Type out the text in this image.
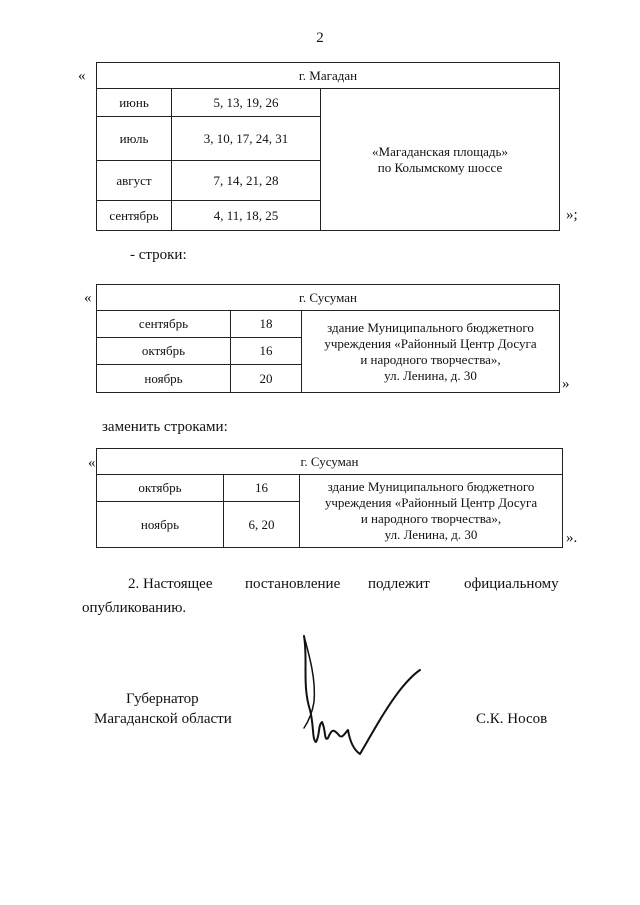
2
«	г. Магадан		
июнь	5, 13, 19, 26	«Магаданская площадь»
по Колымскому шоссе

июль	3, 10, 17, 24, 31	
август	7, 14, 21, 28	
сентябрь	4, 11, 18, 25		»;
- строки:
«	г. Сусуман		
сентябрь	18	здание Муниципального бюджетного
учреждения «Районный Центр Досуга
и народного творчества»,
ул. Ленина, д. 30

октябрь	16	
ноябрь	20		»
заменить строками:
«	г. Сусуман		
октябрь	16	здание Муниципального бюджетного
учреждения «Районный Центр Досуга
и народного творчества»,
ул. Ленина, д. 30

ноябрь	6, 20	
».
2. Настоящее постановление подлежит официальному
опубликованию.
Губернатор
Магаданской области	С.К. Носов
